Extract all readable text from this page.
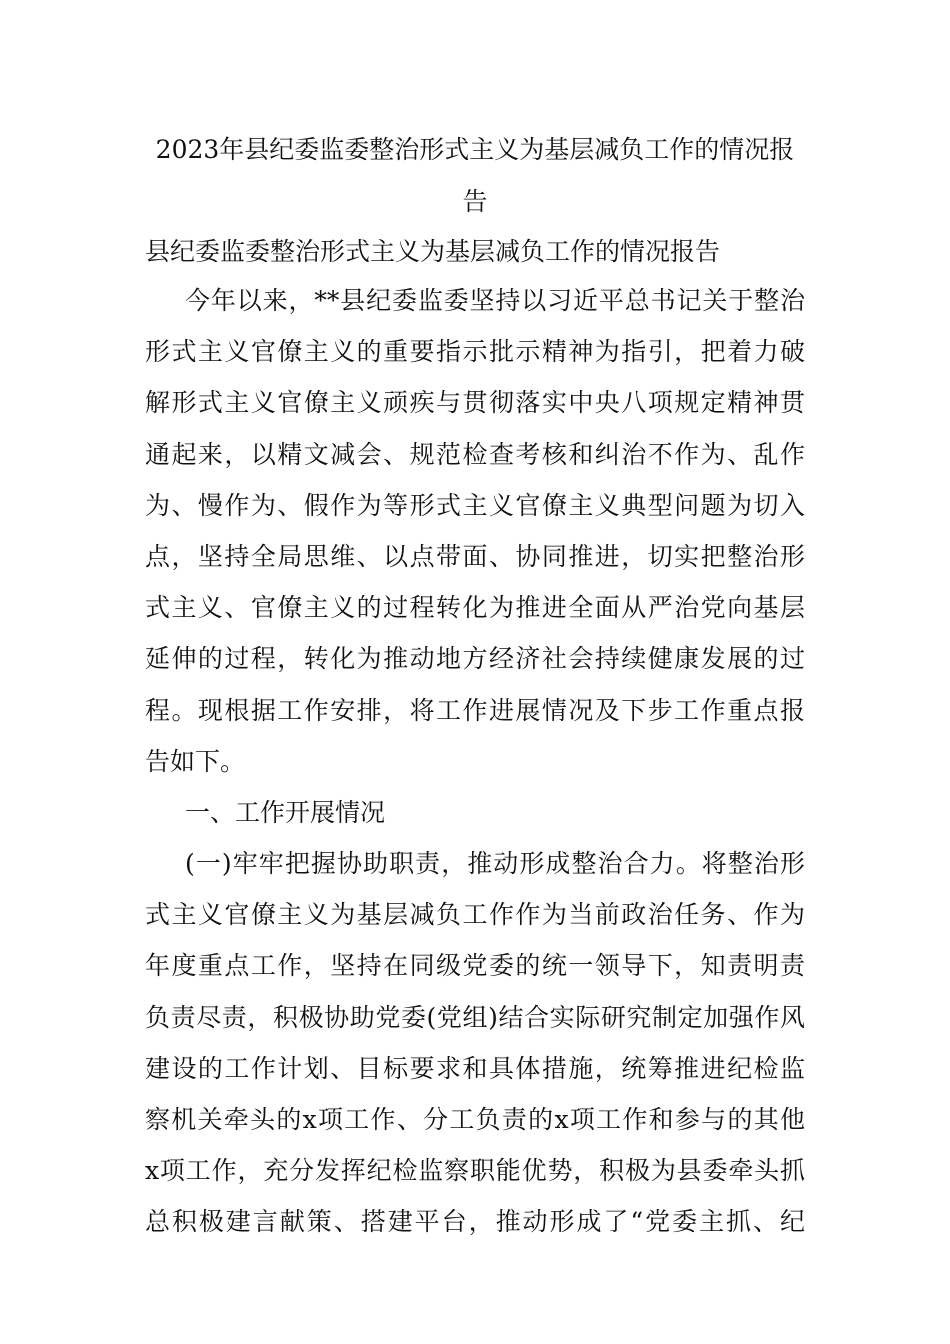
2023年县纪委监委整治形式主义为基层减负工作的情况报
告
县纪委监委整治形式主义为基层减负工作的情况报告
今年以来，**县纪委监委坚持以习近平总书记关于整治
形式主义官僚主义的重要指示批示精神为指引，把着力破
解形式主义官僚主义顽疾与贯彻落实中央八项规定精神贯
通起来，以精文减会、规范检查考核和纠治不作为、乱作
为、慢作为、假作为等形式主义官僚主义典型问题为切入
点，坚持全局思维、以点带面、协同推进，切实把整治形
式主义、官僚主义的过程转化为推进全面从严治党向基层
延伸的过程，转化为推动地方经济社会持续健康发展的过
程。现根据工作安排，将工作进展情况及下步工作重点报
告如下。
一、工作开展情况
(一)牢牢把握协助职责，推动形成整治合力。将整治形
式主义官僚主义为基层减负工作作为当前政治任务、作为
年度重点工作，坚持在同级党委的统一领导下，知责明责
负责尽责，积极协助党委(党组)结合实际研究制定加强作风
建设的工作计划、目标要求和具体措施，统筹推进纪检监
察机关牵头的x项工作、分工负责的x项工作和参与的其他
x项工作，充分发挥纪检监察职能优势，积极为县委牵头抓
总积极建言献策、搭建平台，推动形成了“党委主抓、纪
